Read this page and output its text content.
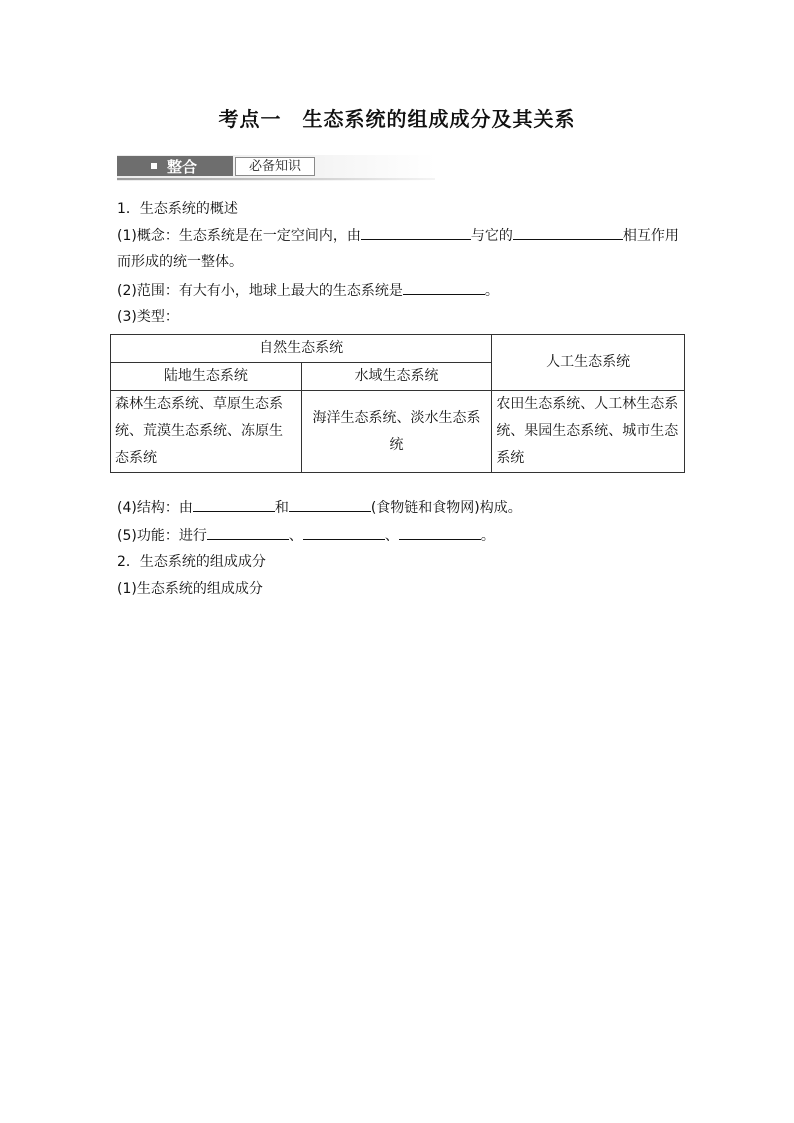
考点一　生态系统的组成成分及其关系
整合	必备知识
1．生态系统的概述
(1)概念：生态系统是在一定空间内，由	与它的	相互作用
而形成的统一整体。
(2)范围：有大有小，地球上最大的生态系统是	。
(3)类型：
自然生态系统		人工生态系统
陆地生态系统	水域生态系统	
森林生态系统、草原生态系统、荒漠生态系统、冻原生态系统	海洋生态系统、淡水生态系统	农田生态系统、人工林生态系统、果园生态系统、城市生态系统
(4)结构：由	和	(食物链和食物网)构成。
(5)功能：进行	、	、	。
2．生态系统的组成成分
(1)生态系统的组成成分
